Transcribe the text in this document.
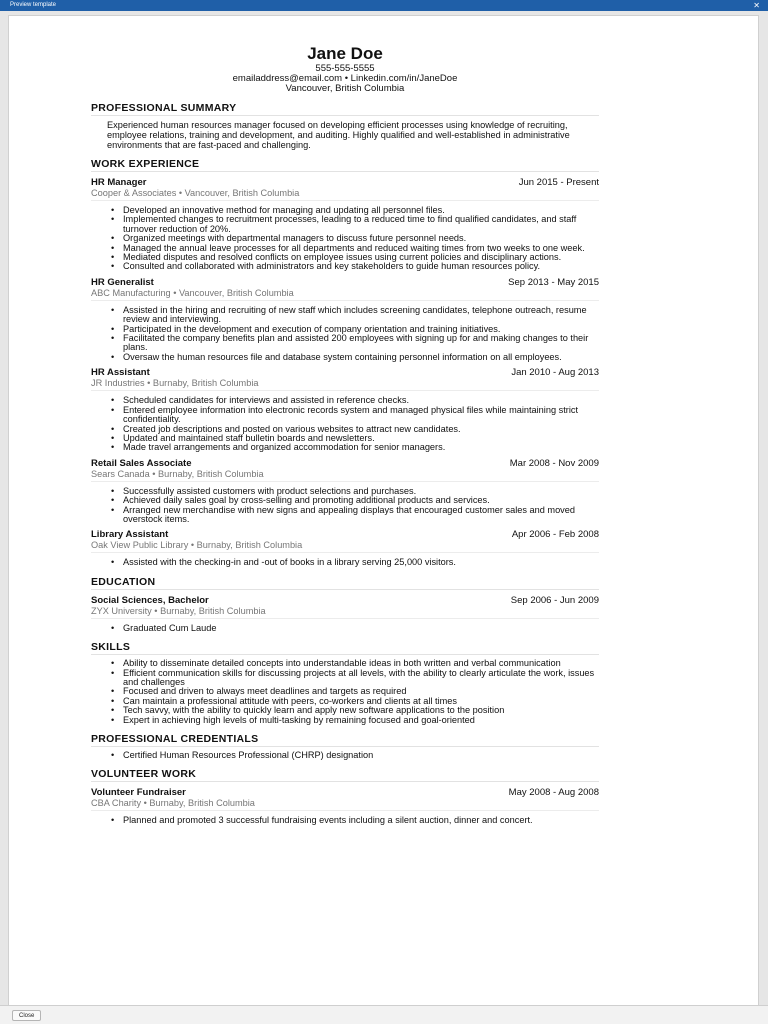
Preview template	✕
Jane Doe
555-555-5555
emailaddress@email.com • Linkedin.com/in/JaneDoe
Vancouver, British Columbia
PROFESSIONAL SUMMARY
Experienced human resources manager focused on developing efficient processes using knowledge of recruiting, employee relations, training and development, and auditing. Highly qualified and well-established in administrative environments that are fast-paced and challenging.
WORK EXPERIENCE
HR Manager	Jun 2015 - Present
Cooper & Associates • Vancouver, British Columbia
• Developed an innovative method for managing and updating all personnel files.
• Implemented changes to recruitment processes, leading to a reduced time to find qualified candidates, and staff turnover reduction of 20%.
• Organized meetings with departmental managers to discuss future personnel needs.
• Managed the annual leave processes for all departments and reduced waiting times from two weeks to one week.
• Mediated disputes and resolved conflicts on employee issues using current policies and disciplinary actions.
• Consulted and collaborated with administrators and key stakeholders to guide human resources policy.
HR Generalist	Sep 2013 - May 2015
ABC Manufacturing • Vancouver, British Columbia
• Assisted in the hiring and recruiting of new staff which includes screening candidates, telephone outreach, resume review and interviewing.
• Participated in the development and execution of company orientation and training initiatives.
• Facilitated the company benefits plan and assisted 200 employees with signing up for and making changes to their plans.
• Oversaw the human resources file and database system containing personnel information on all employees.
HR Assistant	Jan 2010 - Aug 2013
JR Industries • Burnaby, British Columbia
• Scheduled candidates for interviews and assisted in reference checks.
• Entered employee information into electronic records system and managed physical files while maintaining strict confidentiality.
• Created job descriptions and posted on various websites to attract new candidates.
• Updated and maintained staff bulletin boards and newsletters.
• Made travel arrangements and organized accommodation for senior managers.
Retail Sales Associate	Mar 2008 - Nov 2009
Sears Canada • Burnaby, British Columbia
• Successfully assisted customers with product selections and purchases.
• Achieved daily sales goal by cross-selling and promoting additional products and services.
• Arranged new merchandise with new signs and appealing displays that encouraged customer sales and moved overstock items.
Library Assistant	Apr 2006 - Feb 2008
Oak View Public Library • Burnaby, British Columbia
• Assisted with the checking-in and -out of books in a library serving 25,000 visitors.
EDUCATION
Social Sciences, Bachelor	Sep 2006 - Jun 2009
ZYX University • Burnaby, British Columbia
• Graduated Cum Laude
SKILLS
• Ability to disseminate detailed concepts into understandable ideas in both written and verbal communication
• Efficient communication skills for discussing projects at all levels, with the ability to clearly articulate the work, issues and challenges
• Focused and driven to always meet deadlines and targets as required
• Can maintain a professional attitude with peers, co-workers and clients at all times
• Tech savvy, with the ability to quickly learn and apply new software applications to the position
• Expert in achieving high levels of multi-tasking by remaining focused and goal-oriented
PROFESSIONAL CREDENTIALS
• Certified Human Resources Professional (CHRP) designation
VOLUNTEER WORK
Volunteer Fundraiser	May 2008 - Aug 2008
CBA Charity • Burnaby, British Columbia
• Planned and promoted 3 successful fundraising events including a silent auction, dinner and concert.
Close
